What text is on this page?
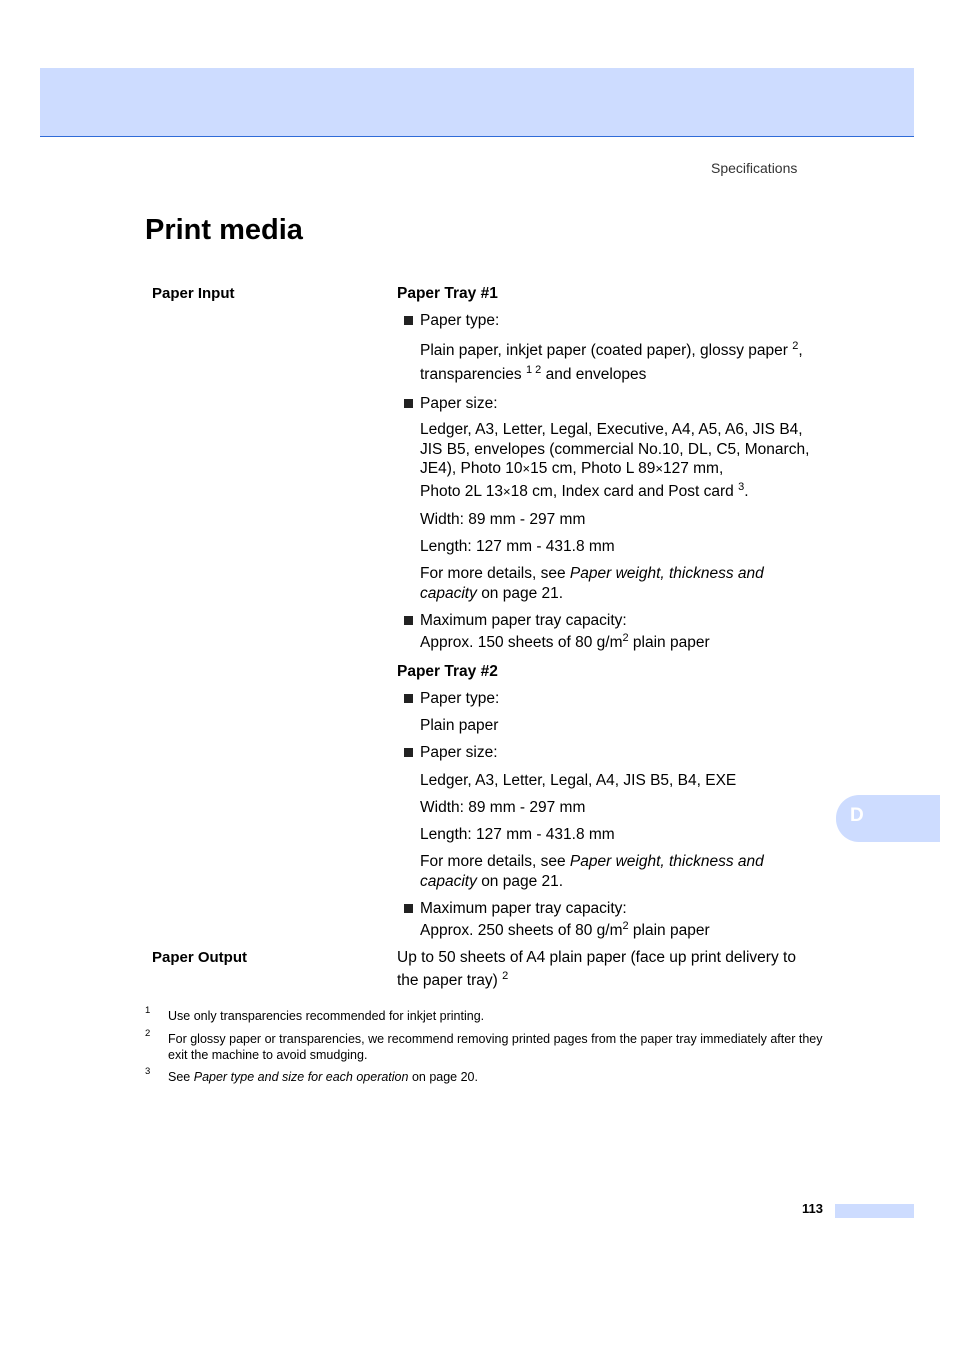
Specifications
Print media
Paper Input	Paper Tray #1
Paper type:
Plain paper, inkjet paper (coated paper), glossy paper $^2$,
transparencies $^{1 2}$ and envelopes
Paper size:
Ledger, A3, Letter, Legal, Executive, A4, A5, A6, JIS B4,
JIS B5, envelopes (commercial No.10, DL, C5, Monarch,
JE4), Photo 10×15 cm, Photo L 89×127 mm,
Photo 2L 13×18 cm, Index card and Post card $^3$.
Width: 89 mm - 297 mm
Length: 127 mm - 431.8 mm
For more details, see Paper weight, thickness and
capacity on page 21.
Maximum paper tray capacity:
Approx. 150 sheets of 80 $g/m^2$ plain paper
Paper Tray #2
Paper type:
Plain paper
Paper size:
Ledger, A3, Letter, Legal, A4, JIS B5, B4, EXE
Width: 89 mm - 297 mm
Length: 127 mm - 431.8 mm
For more details, see Paper weight, thickness and
capacity on page 21.
Maximum paper tray capacity:
Approx. 250 sheets of 80 $g/m^2$ plain paper
Paper Output	Up to 50 sheets of A4 plain paper (face up print delivery to
the paper tray) $^2$
D
1 Use only transparencies recommended for inkjet printing.
2 For glossy paper or transparencies, we recommend removing printed pages from the paper tray immediately after they exit the machine to avoid smudging.
3 See Paper type and size for each operation on page 20.
113
